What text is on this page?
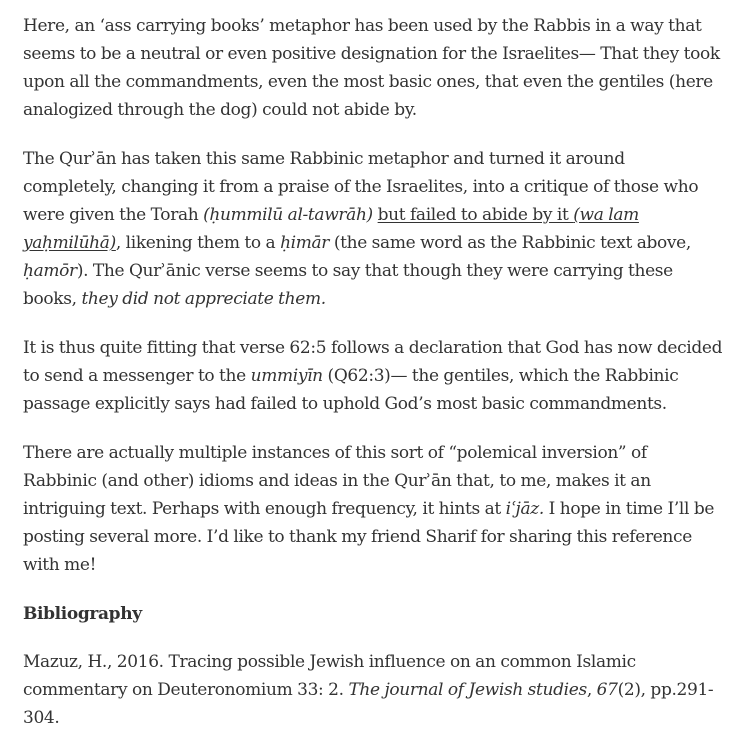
Here, an ‘ass carrying books’ metaphor has been used by the Rabbis in a way that seems to be a neutral or even positive designation for the Israelites— That they took upon all the commandments, even the most basic ones, that even the gentiles (here analogized through the dog) could not abide by.

The Qurʾān has taken this same Rabbinic metaphor and turned it around completely, changing it from a praise of the Israelites, into a critique of those who were given the Torah (ḥummilū al-tawrāh) but failed to abide by it (wa lam yaḥmilūhā), likening them to a ḥimār (the same word as the Rabbinic text above, ḥamōr). The Qurʾānic verse seems to say that though they were carrying these books, they did not appreciate them.

It is thus quite fitting that verse 62:5 follows a declaration that God has now decided to send a messenger to the ummiyīn (Q62:3)— the gentiles, which the Rabbinic passage explicitly says had failed to uphold God’s most basic commandments.

There are actually multiple instances of this sort of “polemical inversion” of Rabbinic (and other) idioms and ideas in the Qurʾān that, to me, makes it an intriguing text. Perhaps with enough frequency, it hints at iʿjāz. I hope in time I’ll be posting several more. I’d like to thank my friend Sharif for sharing this reference with me!

Bibliography

Mazuz, H., 2016. Tracing possible Jewish influence on an common Islamic commentary on Deuteronomium 33: 2. The journal of Jewish studies, 67(2), pp.291-304.
